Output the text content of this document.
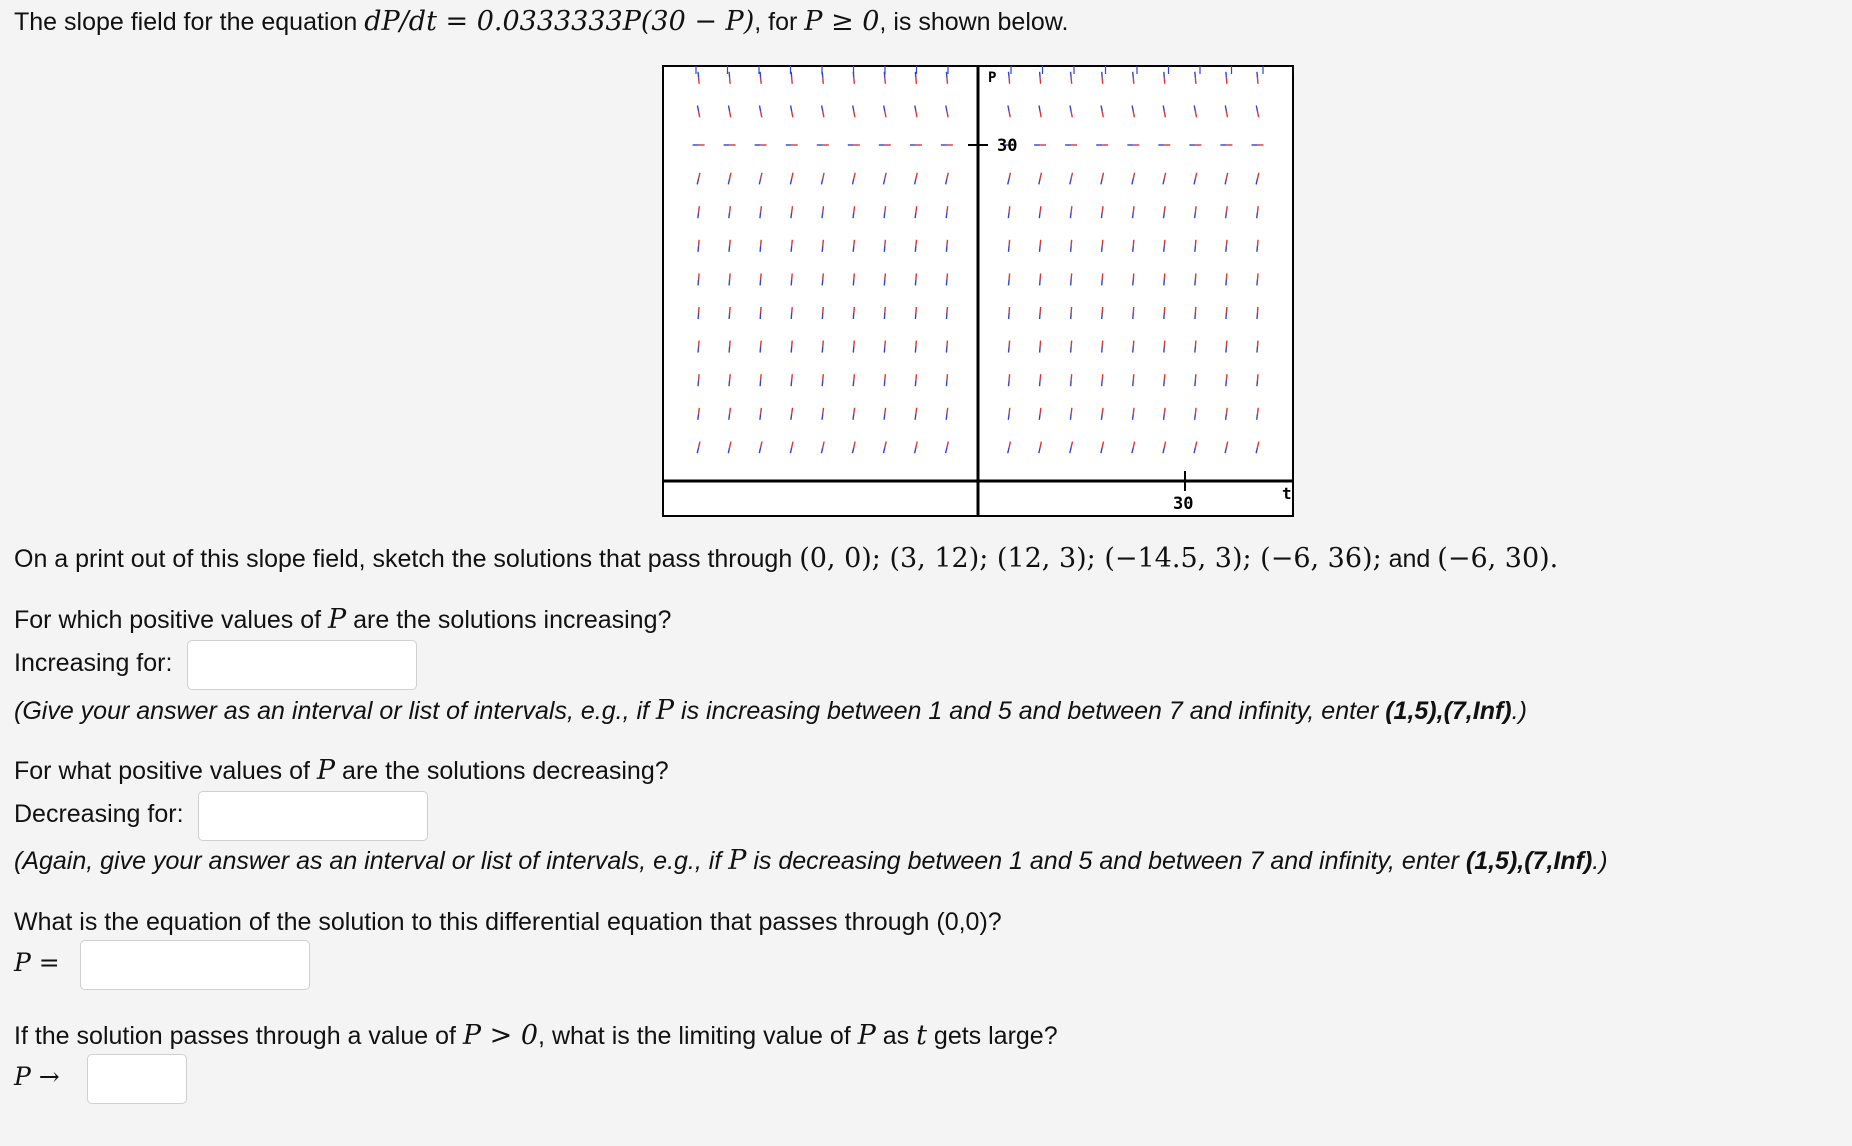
The slope field for the equation dP/dt = 0.0333333P(30 − P), for P ≥ 0, is shown below.
P
t
30
30
On a print out of this slope field, sketch the solutions that pass through (0, 0); (3, 12); (12, 3); (−14.5, 3); (−6, 36); and (−6, 30).
For which positive values of P are the solutions increasing?
Increasing for:
(Give your answer as an interval or list of intervals, e.g., if P is increasing between 1 and 5 and between 7 and infinity, enter (1,5),(7,Inf).)
For what positive values of P are the solutions decreasing?
Decreasing for:
(Again, give your answer as an interval or list of intervals, e.g., if P is decreasing between 1 and 5 and between 7 and infinity, enter (1,5),(7,Inf).)
What is the equation of the solution to this differential equation that passes through (0,0)?
P =
If the solution passes through a value of P > 0, what is the limiting value of P as t gets large?
P →
